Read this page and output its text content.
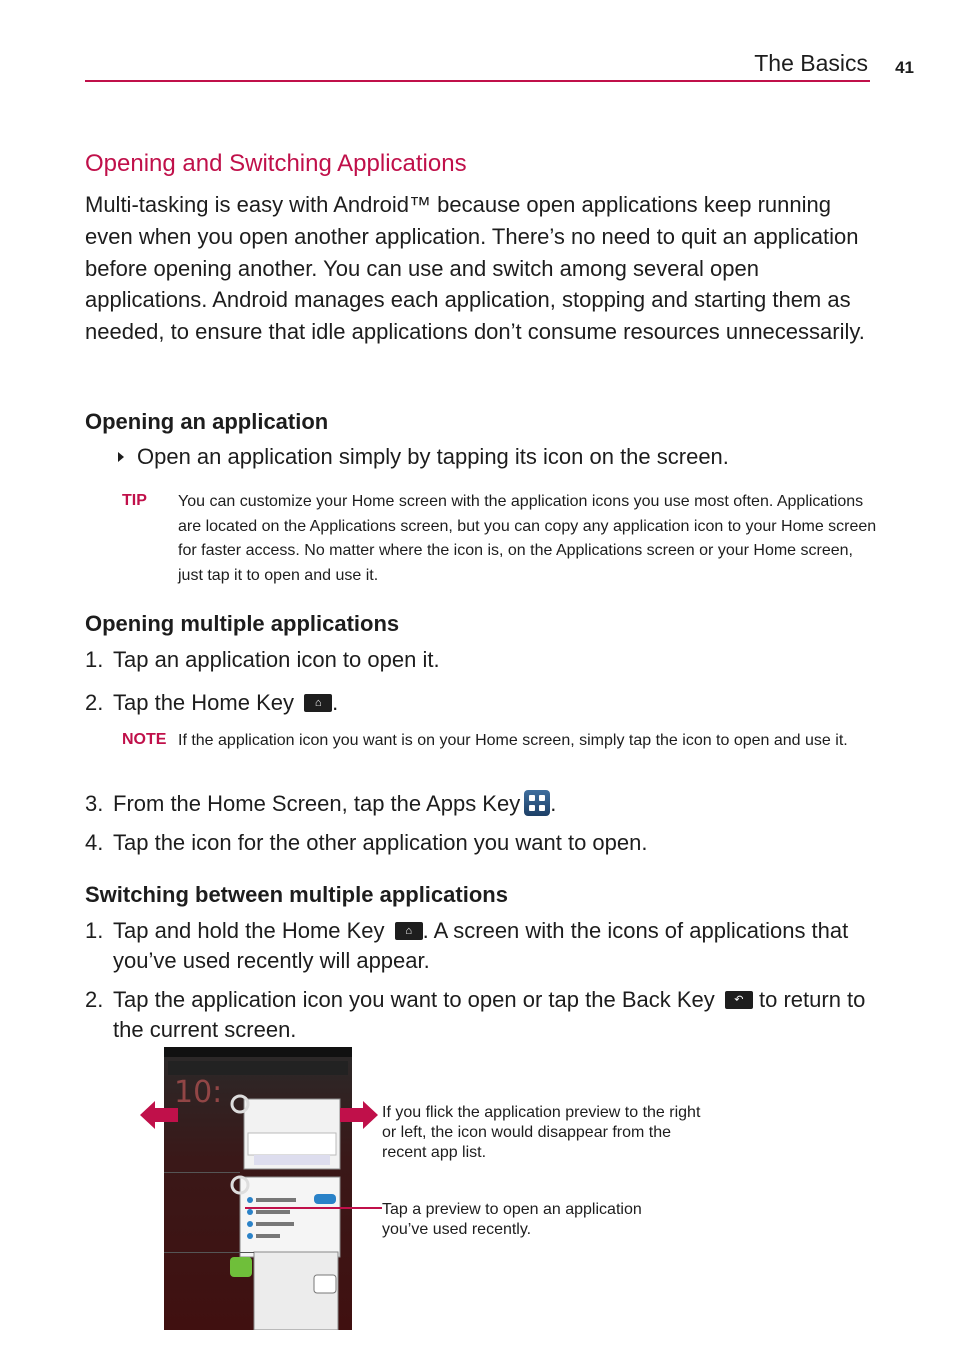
The Basics 41
Opening and Switching Applications
Multi-tasking is easy with Android™ because open applications keep running even when you open another application. There’s no need to quit an application before opening another. You can use and switch among several open applications. Android manages each application, stopping and starting them as needed, to ensure that idle applications don’t consume resources unnecessarily.
Opening an application
Open an application simply by tapping its icon on the screen.
TIP You can customize your Home screen with the application icons you use most often. Applications are located on the Applications screen, but you can copy any application icon to your Home screen for faster access. No matter where the icon is, on the Applications screen or your Home screen, just tap it to open and use it.
Opening multiple applications
1. Tap an application icon to open it.
2. Tap the Home Key	⌂ .
NOTE If the application icon you want is on your Home screen, simply tap the icon to open and use it.
3. From the Home Screen, tap the Apps Key .
4. Tap the icon for the other application you want to open.
Switching between multiple applications
1. Tap and hold the Home Key	⌂ . A screen with the icons of applications that you’ve used recently will appear.
2. Tap the application icon you want to open or tap the Back Key	↶ to return to the current screen.
10:
If you flick the application preview to the right or left, the icon would disappear from the recent app list.
Tap a preview to open an application you’ve used recently.
